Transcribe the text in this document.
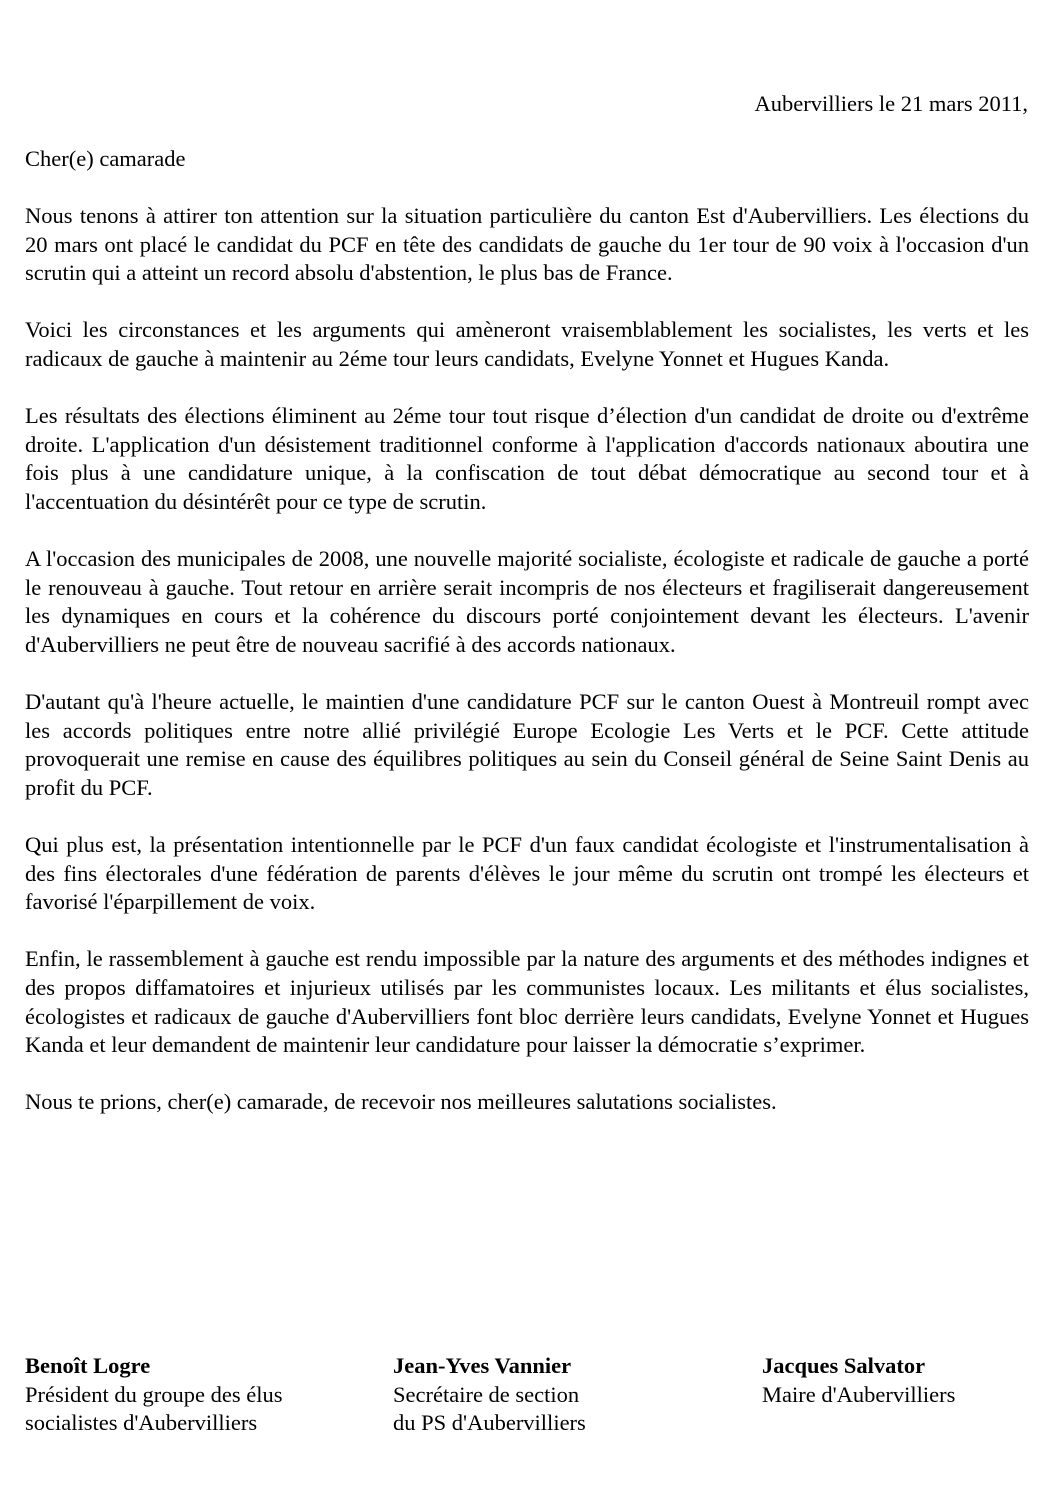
Aubervilliers le 21 mars 2011,

Cher(e) camarade

Nous tenons à attirer ton attention sur la situation particulière du canton Est d'Aubervilliers. Les élections du 20 mars ont placé le candidat du PCF en tête des candidats de gauche du 1er tour de 90 voix à l'occasion d'un scrutin qui a atteint un record absolu d'abstention, le plus bas de France.

Voici les circonstances et les arguments qui amèneront vraisemblablement les socialistes, les verts et les radicaux de gauche à maintenir au 2éme tour leurs candidats, Evelyne Yonnet et Hugues Kanda.

Les résultats des élections éliminent au 2éme tour tout risque d’élection d'un candidat de droite ou d'extrême droite. L'application d'un désistement traditionnel conforme à l'application d'accords nationaux aboutira une fois plus à une candidature unique, à la confiscation de tout débat démocratique au second tour et à l'accentuation du désintérêt pour ce type de scrutin.

A l'occasion des municipales de 2008, une nouvelle majorité socialiste, écologiste et radicale de gauche a porté le renouveau à gauche. Tout retour en arrière serait incompris de nos électeurs et fragiliserait dangereusement les dynamiques en cours et la cohérence du discours porté conjointement devant les électeurs. L'avenir d'Aubervilliers ne peut être de nouveau sacrifié à des accords nationaux.

D'autant qu'à l'heure actuelle, le maintien d'une candidature PCF sur le canton Ouest à Montreuil rompt avec les accords politiques entre notre allié privilégié Europe Ecologie Les Verts et le PCF. Cette attitude provoquerait une remise en cause des équilibres politiques au sein du Conseil général de Seine Saint Denis au profit du PCF.

Qui plus est, la présentation intentionnelle par le PCF d'un faux candidat écologiste et l'instrumentalisation à des fins électorales d'une fédération de parents d'élèves le jour même du scrutin ont trompé les électeurs et favorisé l'éparpillement de voix.

Enfin, le rassemblement à gauche est rendu impossible par la nature des arguments et des méthodes indignes et des propos diffamatoires et injurieux utilisés par les communistes locaux. Les militants et élus socialistes, écologistes et radicaux de gauche d'Aubervilliers font bloc derrière leurs candidats, Evelyne Yonnet et Hugues Kanda et leur demandent de maintenir leur candidature pour laisser la démocratie s’exprimer.

Nous te prions, cher(e) camarade, de recevoir nos meilleures salutations socialistes.

Benoît Logre
Président du groupe des élus
socialistes d'Aubervilliers
Jean-Yves Vannier
Secrétaire de section
du PS d'Aubervilliers
Jacques Salvator
Maire d'Aubervilliers
